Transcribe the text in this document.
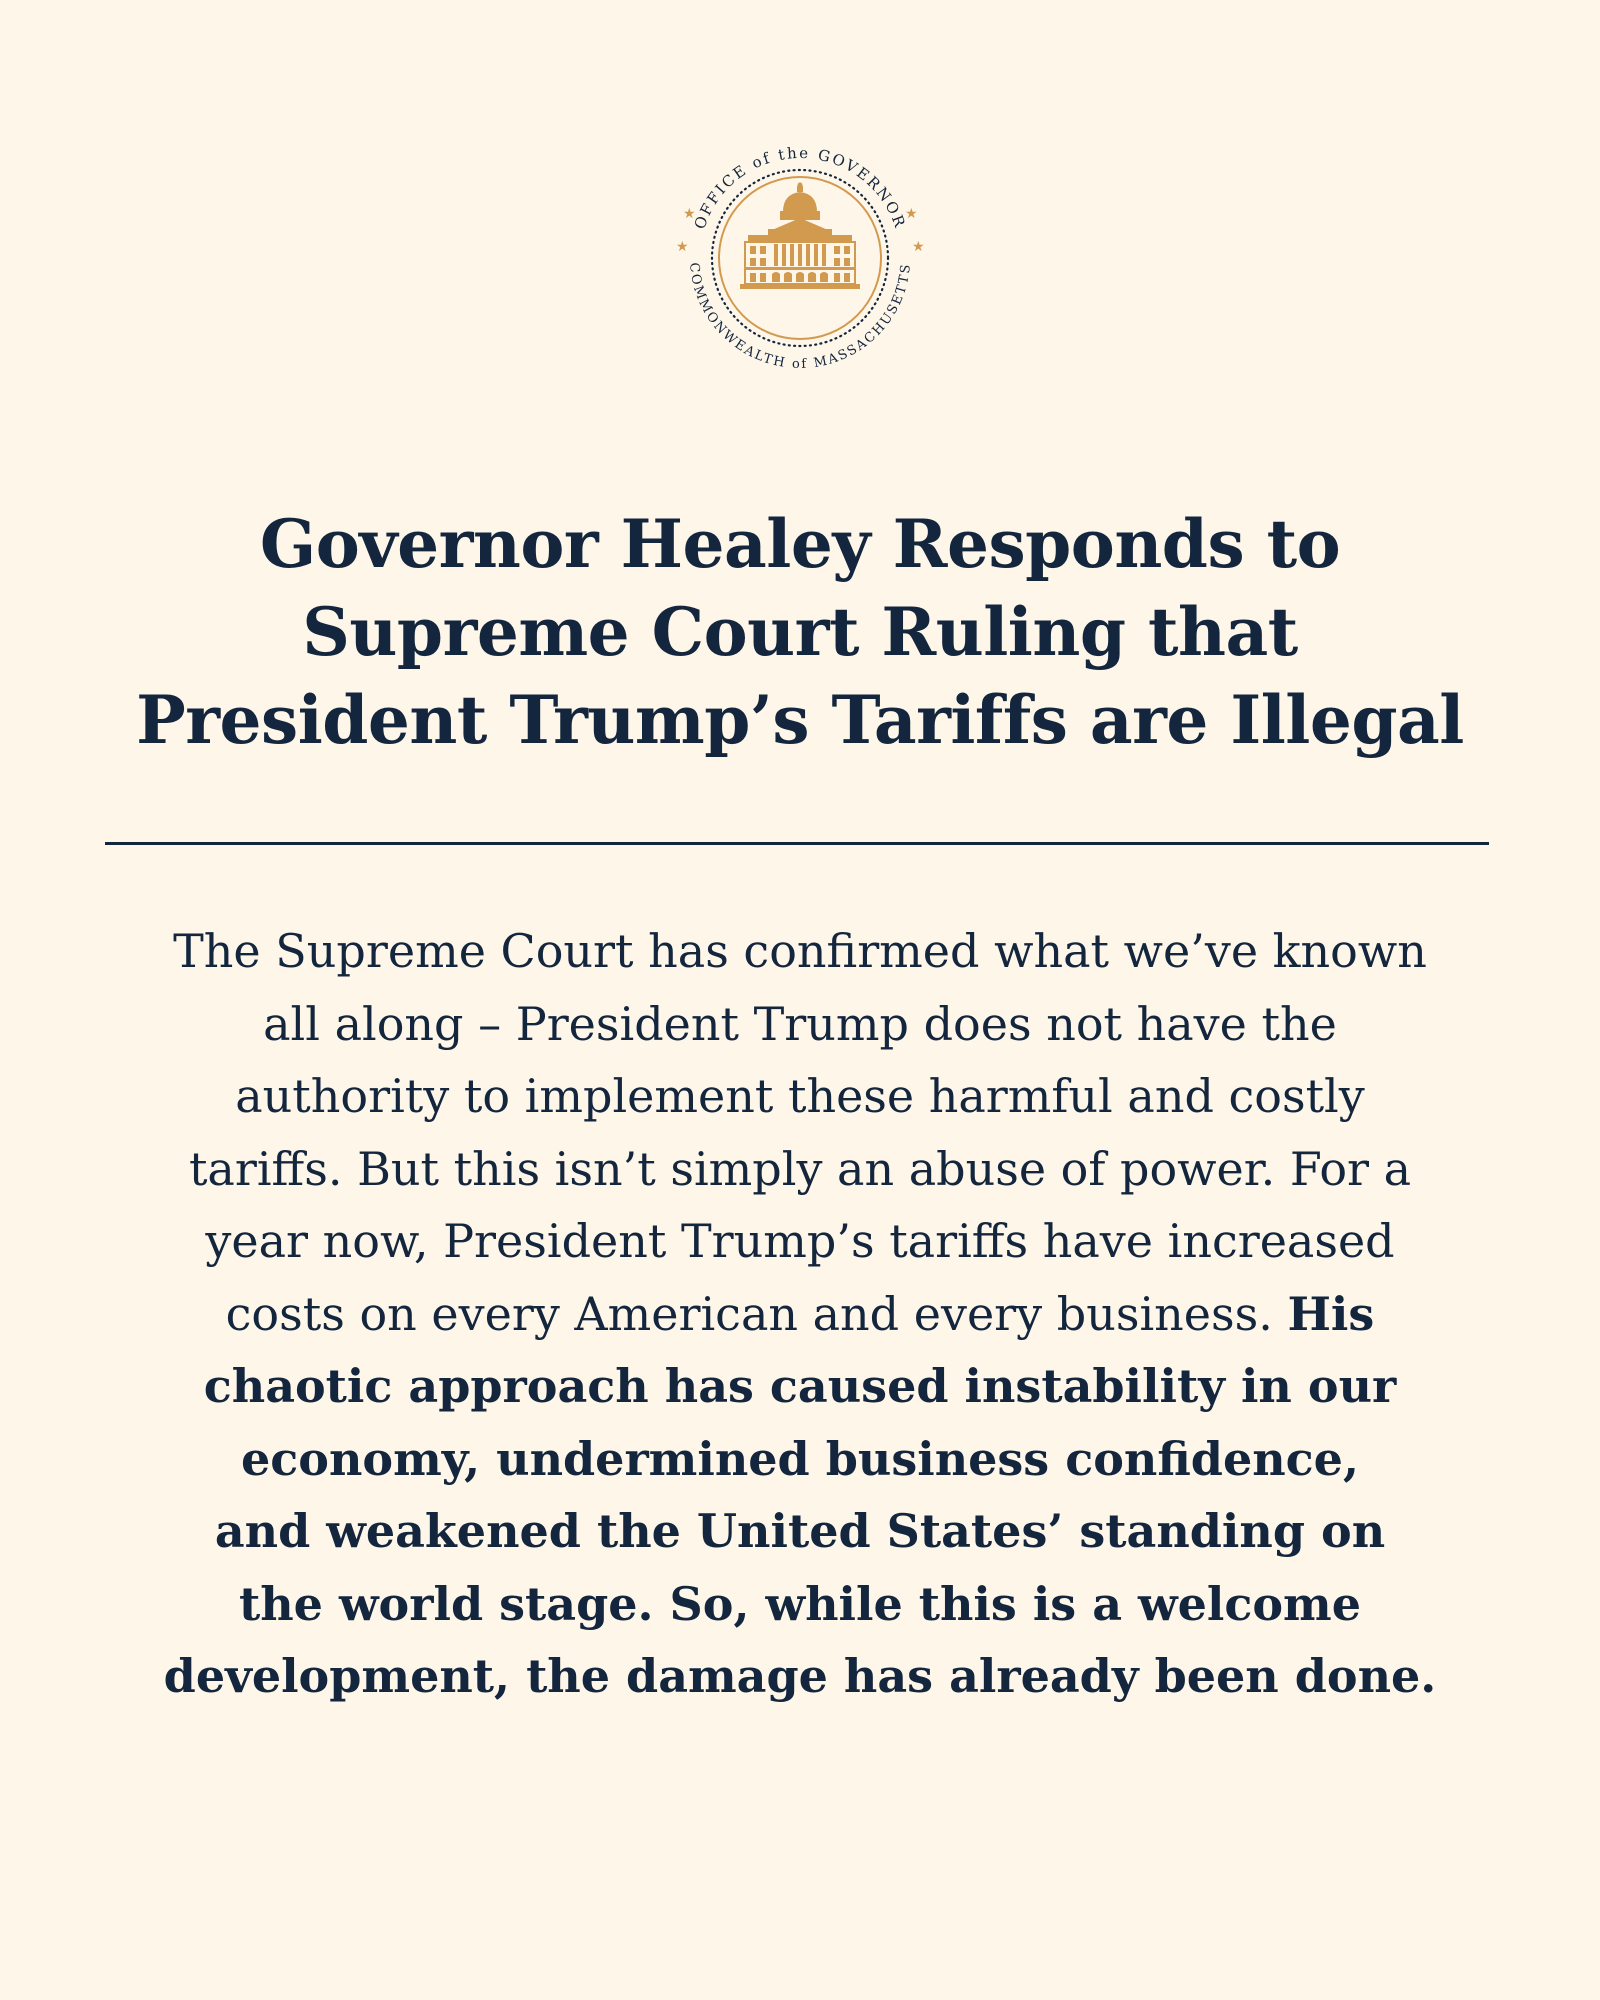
OFFICE of the GOVERNOR
COMMONWEALTH of MASSACHUSETTS
★
★
★
★
Governor Healey Responds to
Supreme Court Ruling that
President Trump’s Tariffs are Illegal

The Supreme Court has confirmed what we’ve known
all along – President Trump does not have the
authority to implement these harmful and costly
tariffs. But this isn’t simply an abuse of power. For a
year now, President Trump’s tariffs have increased
costs on every American and every business. His
chaotic approach has caused instability in our
economy, undermined business confidence,
and weakened the United States’ standing on
the world stage. So, while this is a welcome
development, the damage has already been done.
